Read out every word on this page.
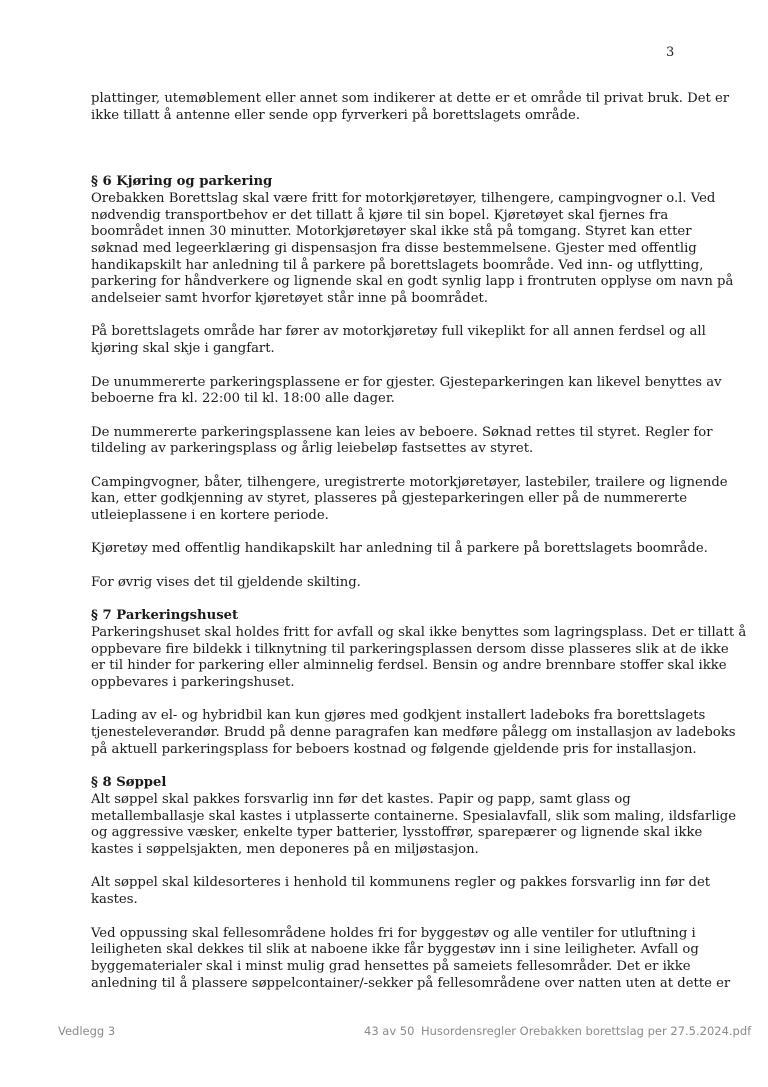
3
plattinger, utemøblement eller annet som indikerer at dette er et område til privat bruk. Det er
ikke tillatt å antenne eller sende opp fyrverkeri på borettslagets område.
§ 6 Kjøring og parkering
Orebakken Borettslag skal være fritt for motorkjøretøyer, tilhengere, campingvogner o.l. Ved
nødvendig transportbehov er det tillatt å kjøre til sin bopel. Kjøretøyet skal fjernes fra
boområdet innen 30 minutter. Motorkjøretøyer skal ikke stå på tomgang. Styret kan etter
søknad med legeerklæring gi dispensasjon fra disse bestemmelsene. Gjester med offentlig
handikapskilt har anledning til å parkere på borettslagets boområde. Ved inn- og utflytting,
parkering for håndverkere og lignende skal en godt synlig lapp i frontruten opplyse om navn på
andelseier samt hvorfor kjøretøyet står inne på boområdet.
På borettslagets område har fører av motorkjøretøy full vikeplikt for all annen ferdsel og all
kjøring skal skje i gangfart.
De unummererte parkeringsplassene er for gjester. Gjesteparkeringen kan likevel benyttes av
beboerne fra kl. 22:00 til kl. 18:00 alle dager.
De nummererte parkeringsplassene kan leies av beboere. Søknad rettes til styret. Regler for
tildeling av parkeringsplass og årlig leiebeløp fastsettes av styret.
Campingvogner, båter, tilhengere, uregistrerte motorkjøretøyer, lastebiler, trailere og lignende
kan, etter godkjenning av styret, plasseres på gjesteparkeringen eller på de nummererte
utleieplassene i en kortere periode.
Kjøretøy med offentlig handikapskilt har anledning til å parkere på borettslagets boområde.
For øvrig vises det til gjeldende skilting.
§ 7 Parkeringshuset
Parkeringshuset skal holdes fritt for avfall og skal ikke benyttes som lagringsplass. Det er tillatt å
oppbevare fire bildekk i tilknytning til parkeringsplassen dersom disse plasseres slik at de ikke
er til hinder for parkering eller alminnelig ferdsel. Bensin og andre brennbare stoffer skal ikke
oppbevares i parkeringshuset.
Lading av el- og hybridbil kan kun gjøres med godkjent installert ladeboks fra borettslagets
tjenesteleverandør. Brudd på denne paragrafen kan medføre pålegg om installasjon av ladeboks
på aktuell parkeringsplass for beboers kostnad og følgende gjeldende pris for installasjon.
§ 8 Søppel
Alt søppel skal pakkes forsvarlig inn før det kastes. Papir og papp, samt glass og
metallemballasje skal kastes i utplasserte containerne. Spesialavfall, slik som maling, ildsfarlige
og aggressive væsker, enkelte typer batterier, lysstoffrør, sparepærer og lignende skal ikke
kastes i søppelsjakten, men deponeres på en miljøstasjon.
Alt søppel skal kildesorteres i henhold til kommunens regler og pakkes forsvarlig inn før det
kastes.
Ved oppussing skal fellesområdene holdes fri for byggestøv og alle ventiler for utluftning i
leiligheten skal dekkes til slik at naboene ikke får byggestøv inn i sine leiligheter. Avfall og
byggematerialer skal i minst mulig grad hensettes på sameiets fellesområder. Det er ikke
anledning til å plassere søppelcontainer/-sekker på fellesområdene over natten uten at dette er
Vedlegg 3	43 av 50 Husordensregler Orebakken borettslag per 27.5.2024.pdf
